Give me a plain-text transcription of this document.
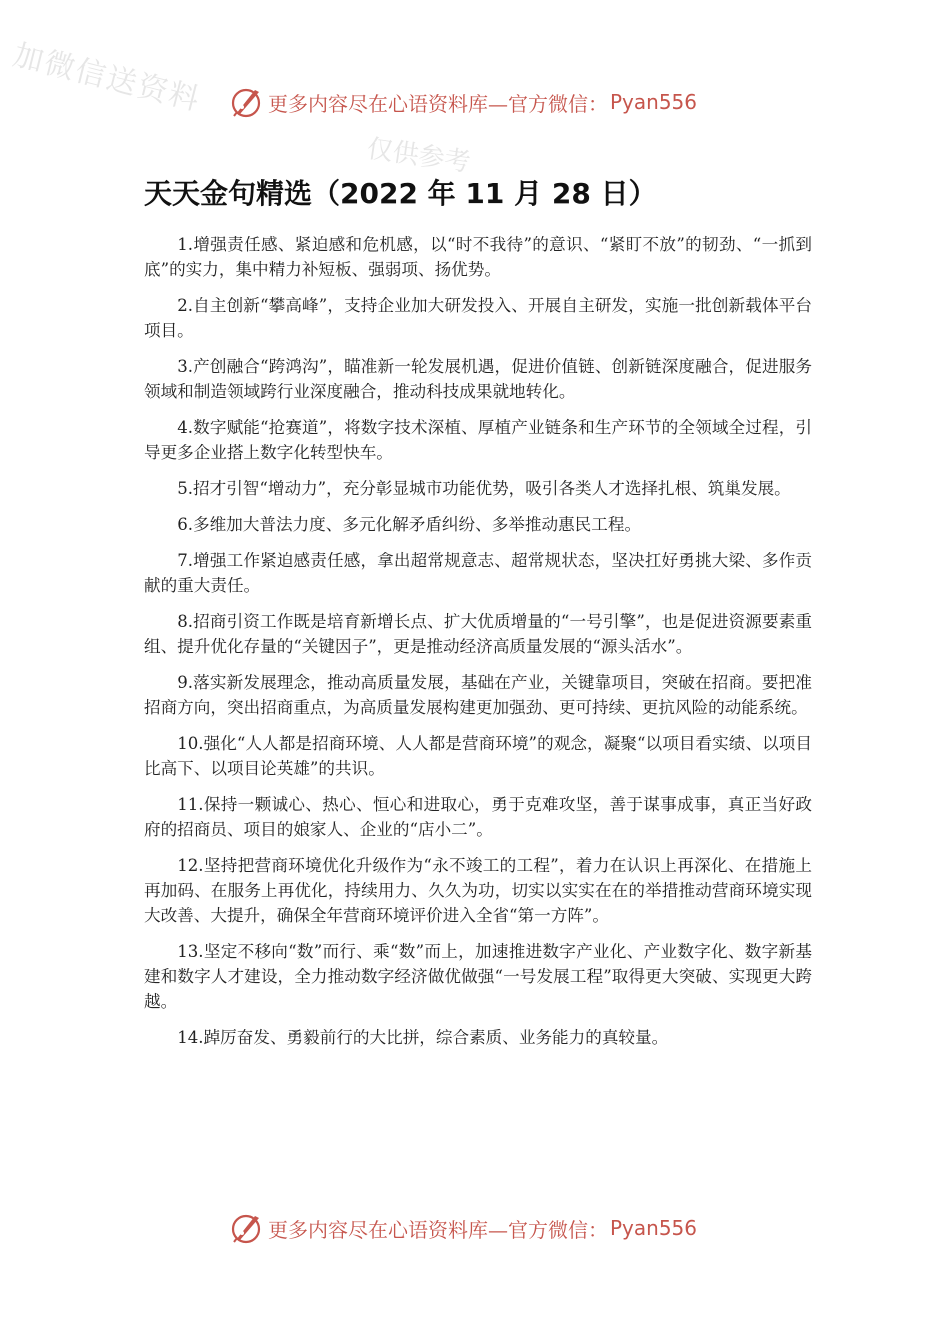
加微信送资料
仅供参考
更多内容尽在心语资料库—官方微信： Pyan556
天天金句精选（2022 年 11 月 28 日）

1.增强责任感、紧迫感和危机感，以“时不我待”的意识、“紧盯不放”的韧劲、“一抓到底”的实力，集中精力补短板、强弱项、扬优势。

2.自主创新“攀高峰”，支持企业加大研发投入、开展自主研发，实施一批创新载体平台项目。

3.产创融合“跨鸿沟”，瞄准新一轮发展机遇，促进价值链、创新链深度融合，促进服务领域和制造领域跨行业深度融合，推动科技成果就地转化。

4.数字赋能“抢赛道”，将数字技术深植、厚植产业链条和生产环节的全领域全过程，引导更多企业搭上数字化转型快车。

5.招才引智“增动力”，充分彰显城市功能优势，吸引各类人才选择扎根、筑巢发展。

6.多维加大普法力度、多元化解矛盾纠纷、多举推动惠民工程。

7.增强工作紧迫感责任感，拿出超常规意志、超常规状态，坚决扛好勇挑大梁、多作贡献的重大责任。

8.招商引资工作既是培育新增长点、扩大优质增量的“一号引擎”，也是促进资源要素重组、提升优化存量的“关键因子”，更是推动经济高质量发展的“源头活水”。

9.落实新发展理念，推动高质量发展，基础在产业，关键靠项目，突破在招商。要把准招商方向，突出招商重点，为高质量发展构建更加强劲、更可持续、更抗风险的动能系统。

10.强化“人人都是招商环境、人人都是营商环境”的观念，凝聚“以项目看实绩、以项目比高下、以项目论英雄”的共识。

11.保持一颗诚心、热心、恒心和进取心，勇于克难攻坚，善于谋事成事，真正当好政府的招商员、项目的娘家人、企业的“店小二”。

12.坚持把营商环境优化升级作为“永不竣工的工程”，着力在认识上再深化、在措施上再加码、在服务上再优化，持续用力、久久为功，切实以实实在在的举措推动营商环境实现大改善、大提升，确保全年营商环境评价进入全省“第一方阵”。

13.坚定不移向“数”而行、乘“数”而上，加速推进数字产业化、产业数字化、数字新基建和数字人才建设，全力推动数字经济做优做强“一号发展工程”取得更大突破、实现更大跨越。

14.踔厉奋发、勇毅前行的大比拼，综合素质、业务能力的真较量。

更多内容尽在心语资料库—官方微信： Pyan556
